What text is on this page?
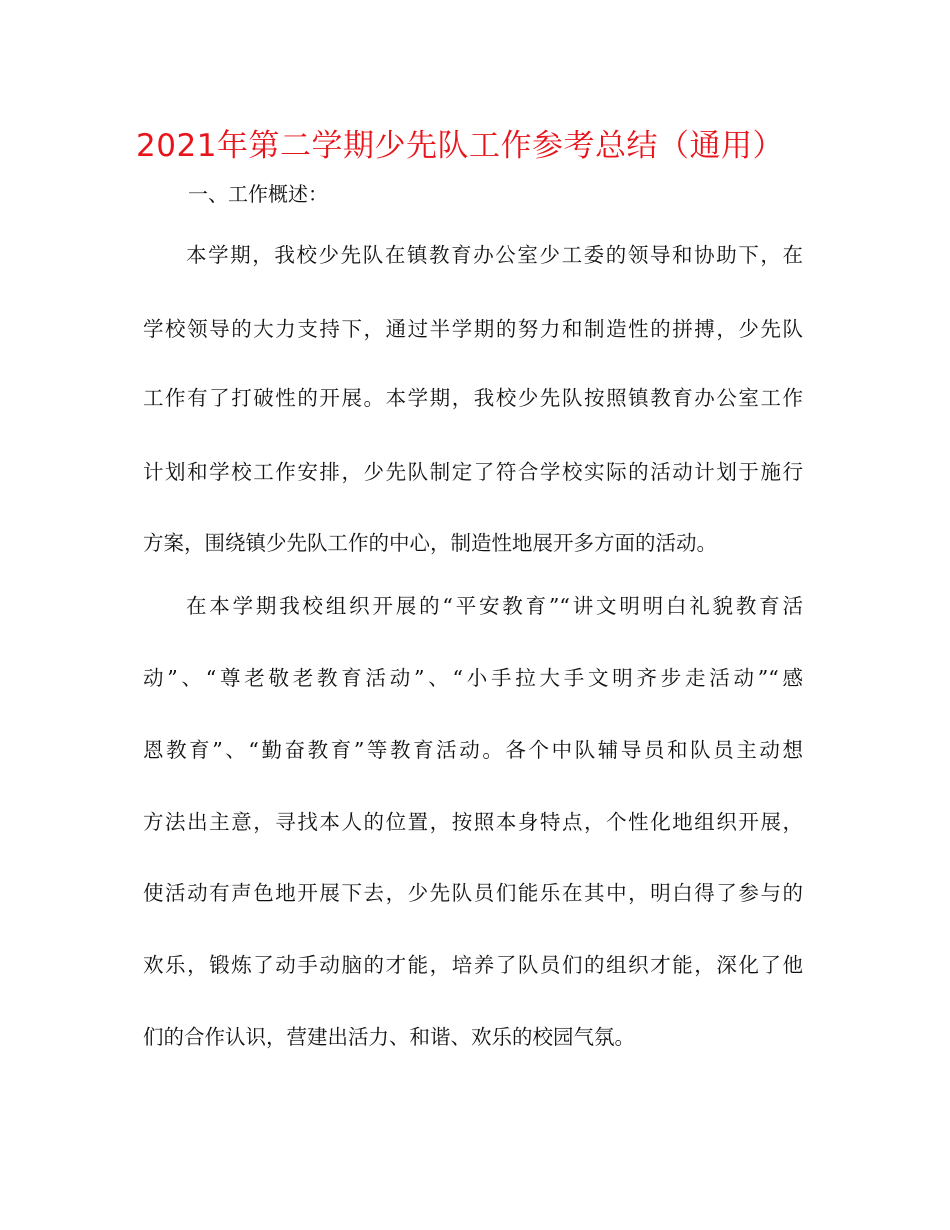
2021年第二学期少先队工作参考总结（通用）
一、工作概述：
本学期，我校少先队在镇教育办公室少工委的领导和协助下，在
学校领导的大力支持下，通过半学期的努力和制造性的拼搏，少先队
工作有了打破性的开展。本学期，我校少先队按照镇教育办公室工作
计划和学校工作安排，少先队制定了符合学校实际的活动计划于施行
方案，围绕镇少先队工作的中心，制造性地展开多方面的活动。
在本学期我校组织开展的“平安教育”“讲文明明白礼貌教育活
动”、“尊老敬老教育活动”、“小手拉大手文明齐步走活动”“感
恩教育”、“勤奋教育”等教育活动。各个中队辅导员和队员主动想
方法出主意，寻找本人的位置，按照本身特点，个性化地组织开展，
使活动有声色地开展下去，少先队员们能乐在其中，明白得了参与的
欢乐，锻炼了动手动脑的才能，培养了队员们的组织才能，深化了他
们的合作认识，营建出活力、和谐、欢乐的校园气氛。
